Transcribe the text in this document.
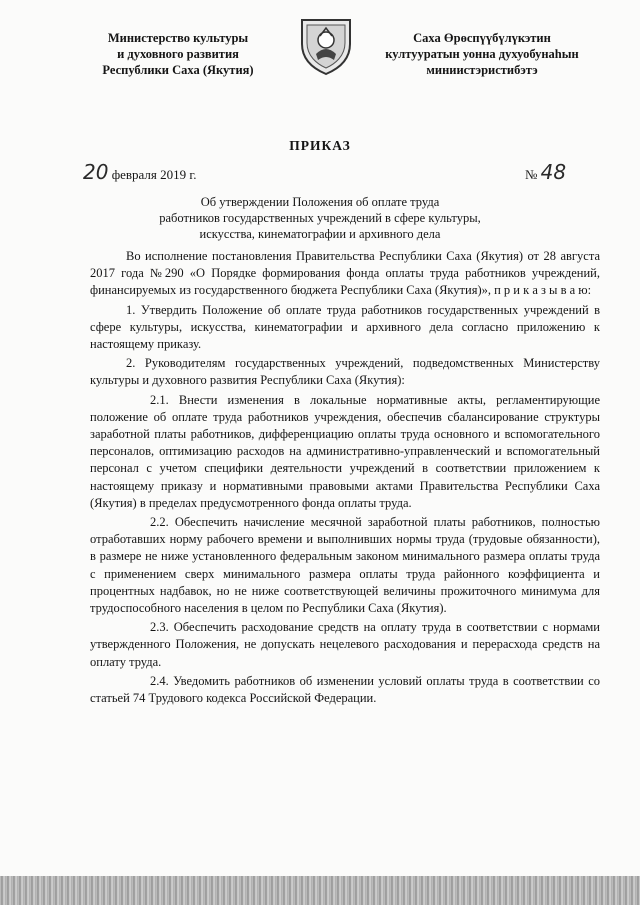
Министерство культуры
и духовного развития
Республики Саха (Якутия)
Саха Өрөспүүбүлүкэтин
култууратын уонна духуобунаһын
миниистэристибэтэ
ПРИКАЗ
20 февраля 2019 г.	№ 48
Об утверждении Положения об оплате труда
работников государственных учреждений в сфере культуры,
искусства, кинематографии и архивного дела

Во исполнение постановления Правительства Республики Саха (Якутия) от 28 августа 2017 года №290 «О Порядке формирования фонда оплаты труда работников учреждений, финансируемых из государственного бюджета Республики Саха (Якутия)», п р и к а з ы в а ю:

1. Утвердить Положение об оплате труда работников государственных учреждений в сфере культуры, искусства, кинематографии и архивного дела согласно приложению к настоящему приказу.

2. Руководителям государственных учреждений, подведомственных Министерству культуры и духовного развития Республики Саха (Якутия):

2.1. Внести изменения в локальные нормативные акты, регламентирующие положение об оплате труда работников учреждения, обеспечив сбалансирование структуры заработной платы работников, дифференциацию оплаты труда основного и вспомогательного персоналов, оптимизацию расходов на административно-управленческий и вспомогательный персонал с учетом специфики деятельности учреждений в соответствии приложением к настоящему приказу и нормативными правовыми актами Правительства Республики Саха (Якутия) в пределах предусмотренного фонда оплаты труда.

2.2. Обеспечить начисление месячной заработной платы работников, полностью отработавших норму рабочего времени и выполнивших нормы труда (трудовые обязанности), в размере не ниже установленного федеральным законом минимального размера оплаты труда с применением сверх минимального размера оплаты труда районного коэффициента и процентных надбавок, но не ниже соответствующей величины прожиточного минимума для трудоспособного населения в целом по Республики Саха (Якутия).

2.3. Обеспечить расходование средств на оплату труда в соответствии с нормами утвержденного Положения, не допускать нецелевого расходования и перерасхода средств на оплату труда.

2.4. Уведомить работников об изменении условий оплаты труда в соответствии со статьей 74 Трудового кодекса Российской Федерации.
